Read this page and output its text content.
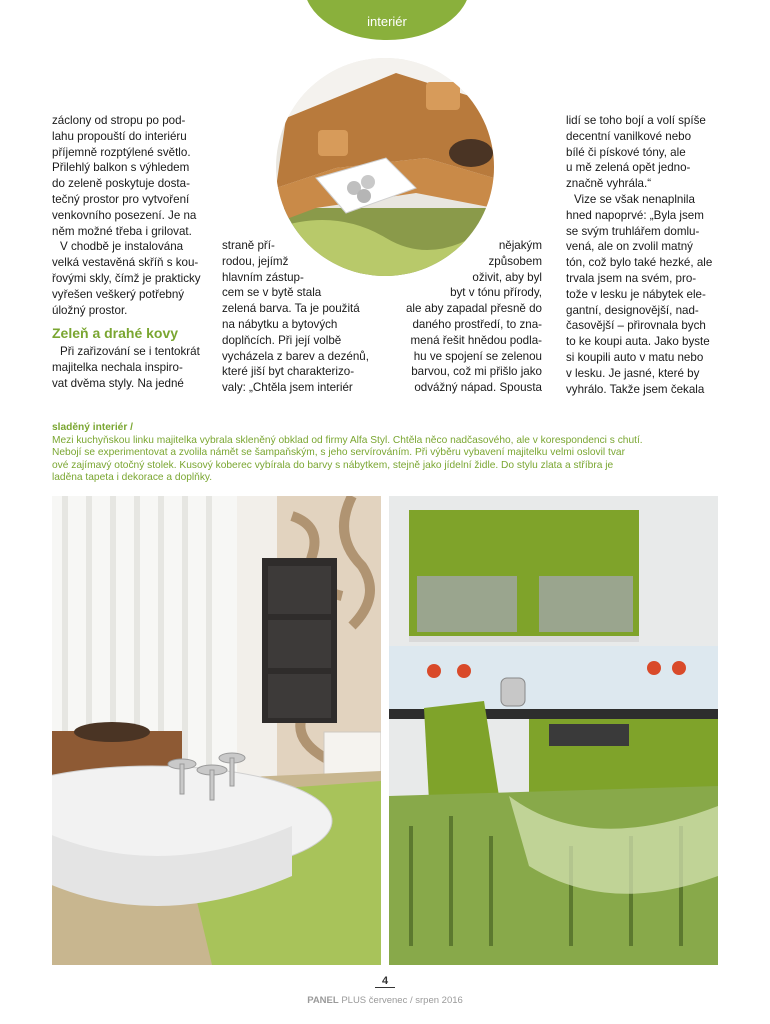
interiér

záclony od stropu po pod-

lahu propouští do interiéru

příjemně rozptýlené světlo.

Přilehlý balkon s výhledem

do zeleně poskytuje dosta-

tečný prostor pro vytvoření

venkovního posezení. Je na

něm možné třeba i grilovat.

V chodbě je instalována

velká vestavěná skříň s kou-

řovými skly, čímž je prakticky

vyřešen veškerý potřebný

úložný prostor.

Zeleň a drahé kovy

Při zařizování se i tentokrát

majitelka nechala inspiro-

vat dvěma styly. Na jedné

straně pří-

rodou, jejímž

hlavním zástup-

cem se v bytě stala

zelená barva. Ta je použitá

na nábytku a bytových

doplňcích. Při její volbě

vycházela z barev a dezénů,

které jiší byt charakterizo-

valy: „Chtěla jsem interiér

nějakým

způsobem

oživit, aby byl

byt v tónu přírody,

ale aby zapadal přesně do

daného prostředí, to zna-

mená řešit hnědou podla-

hu ve spojení se zelenou

barvou, což mi přišlo jako

odvážný nápad. Spousta

lidí se toho bojí a volí spíše

decentní vanilkové nebo

bílé či pískové tóny, ale

u mě zelená opět jedno-

značně vyhrála.“

Vize se však nenaplnila

hned napoprvé: „Byla jsem

se svým truhlářem domlu-

vená, ale on zvolil matný

tón, což bylo také hezké, ale

trvala jsem na svém, pro-

tože v lesku je nábytek ele-

gantní, designovější, nad-

časovější – přirovnala bych

to ke koupi auta. Jako byste

si koupili auto v matu nebo

v lesku. Je jasné, které by

vyhrálo. Takže jsem čekala

sladěný interiér /
Mezi kuchyňskou linku majitelka vybrala skleněný obklad od firmy Alfa Styl. Chtěla něco nadčasového, ale v korespondenci s chutí.
Nebojí se experimentovat a zvolila námět se šampaňským, s jeho servírováním. Při výběru vybavení majitelku velmi oslovil tvar
ové zajímavý otočný stolek. Kusový koberec vybírala do barvy s nábytkem, stejně jako jídelní židle. Do stylu zlata a stříbra je
laděna tapeta i dekorace a doplňky.
4
PANEL PLUS červenec / srpen 2016
